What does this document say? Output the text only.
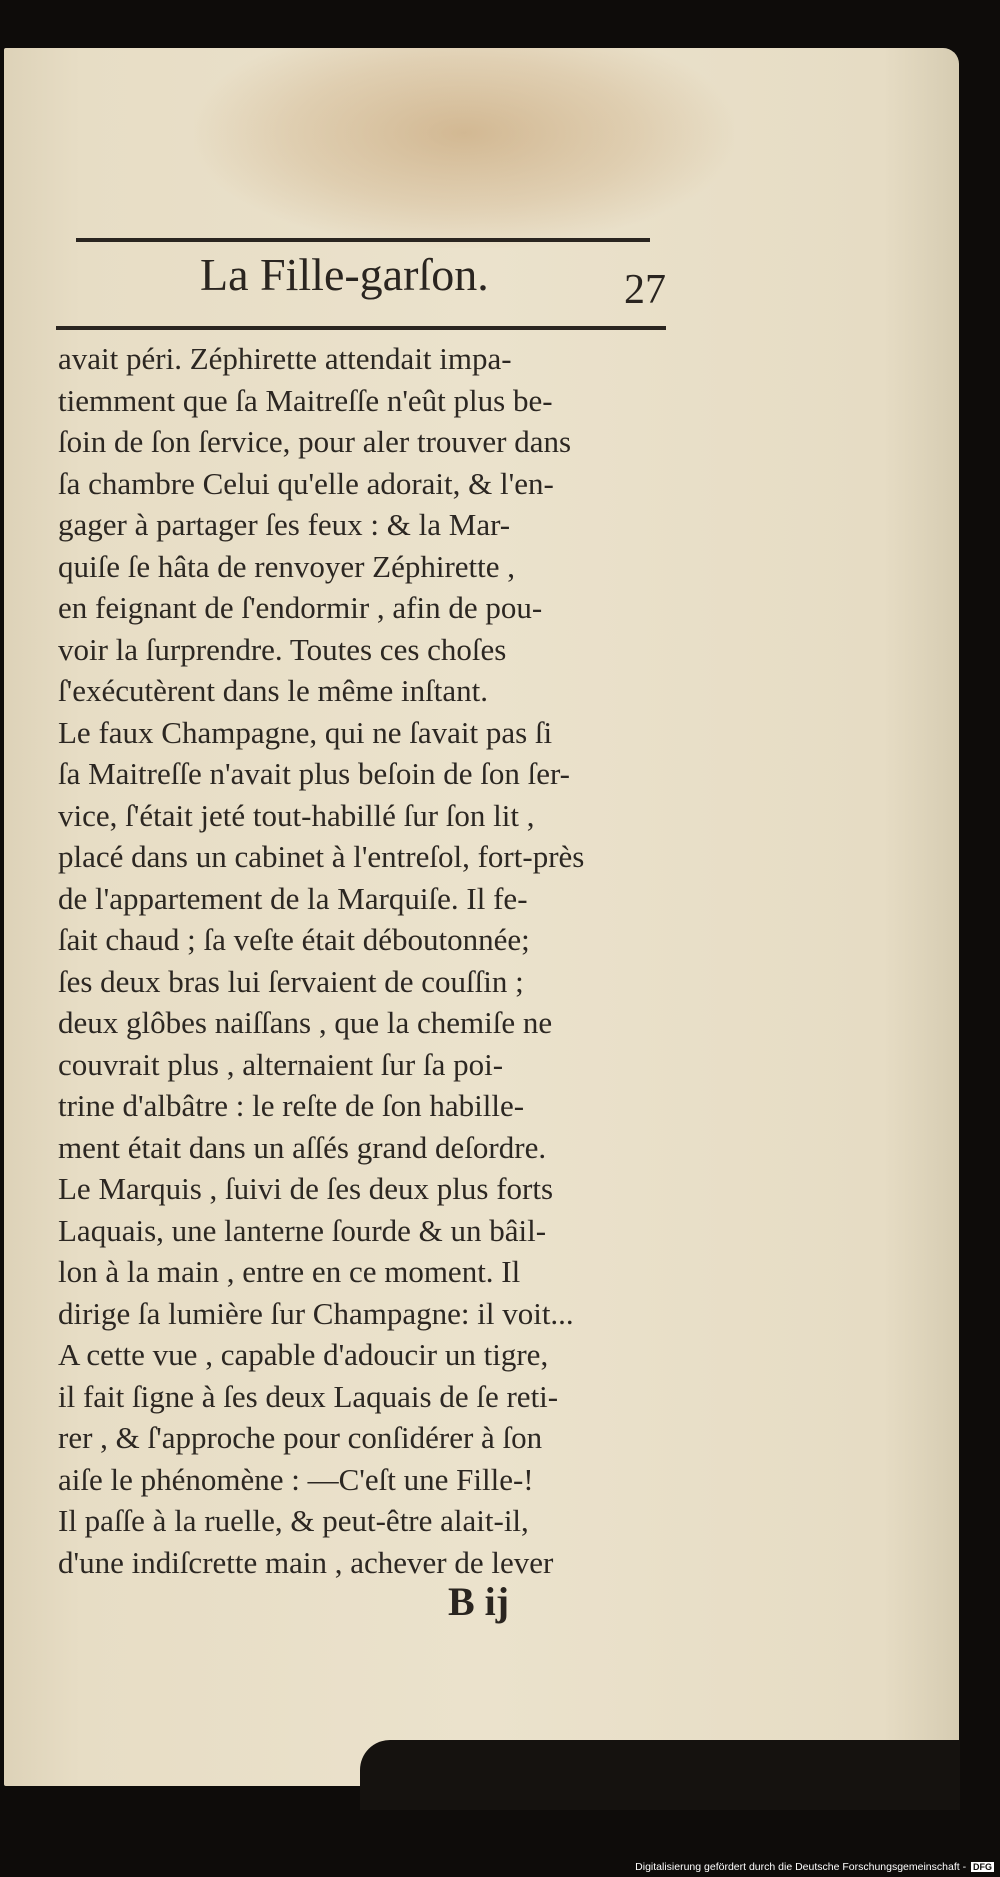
La Fille-garſon.	27
avait péri. Zéphirette attendait impa-
tiemment que ſa Maitreſſe n'eût plus be-
ſoin de ſon ſervice, pour aler trouver dans
ſa chambre Celui qu'elle adorait, & l'en-
gager à partager ſes feux : & la Mar-
quiſe ſe hâta de renvoyer Zéphirette ,
en feignant de ſ'endormir , afin de pou-
voir la ſurprendre. Toutes ces choſes
ſ'exécutèrent dans le même inſtant.
Le faux Champagne, qui ne ſavait pas ſi
ſa Maitreſſe n'avait plus beſoin de ſon ſer-
vice, ſ'était jeté tout-habillé ſur ſon lit ,
placé dans un cabinet à l'entreſol, fort-près
de l'appartement de la Marquiſe. Il fe-
ſait chaud ; ſa veſte était déboutonnée;
ſes deux bras lui ſervaient de couſſin ;
deux glôbes naiſſans , que la chemiſe ne
couvrait plus , alternaient ſur ſa poi-
trine d'albâtre : le reſte de ſon habille-
ment était dans un aſſés grand deſordre.
Le Marquis , ſuivi de ſes deux plus forts
Laquais, une lanterne ſourde & un bâil-
lon à la main , entre en ce moment. Il
dirige ſa lumière ſur Champagne: il voit...
A cette vue , capable d'adoucir un tigre,
il fait ſigne à ſes deux Laquais de ſe reti-
rer , & ſ'approche pour conſidérer à ſon
aiſe le phénomène : —C'eſt une Fille-!
Il paſſe à la ruelle, & peut-être alait-il,
d'une indiſcrette main , achever de lever
B ij
Digitalisierung gefördert durch die Deutsche Forschungsgemeinschaft - DFG
